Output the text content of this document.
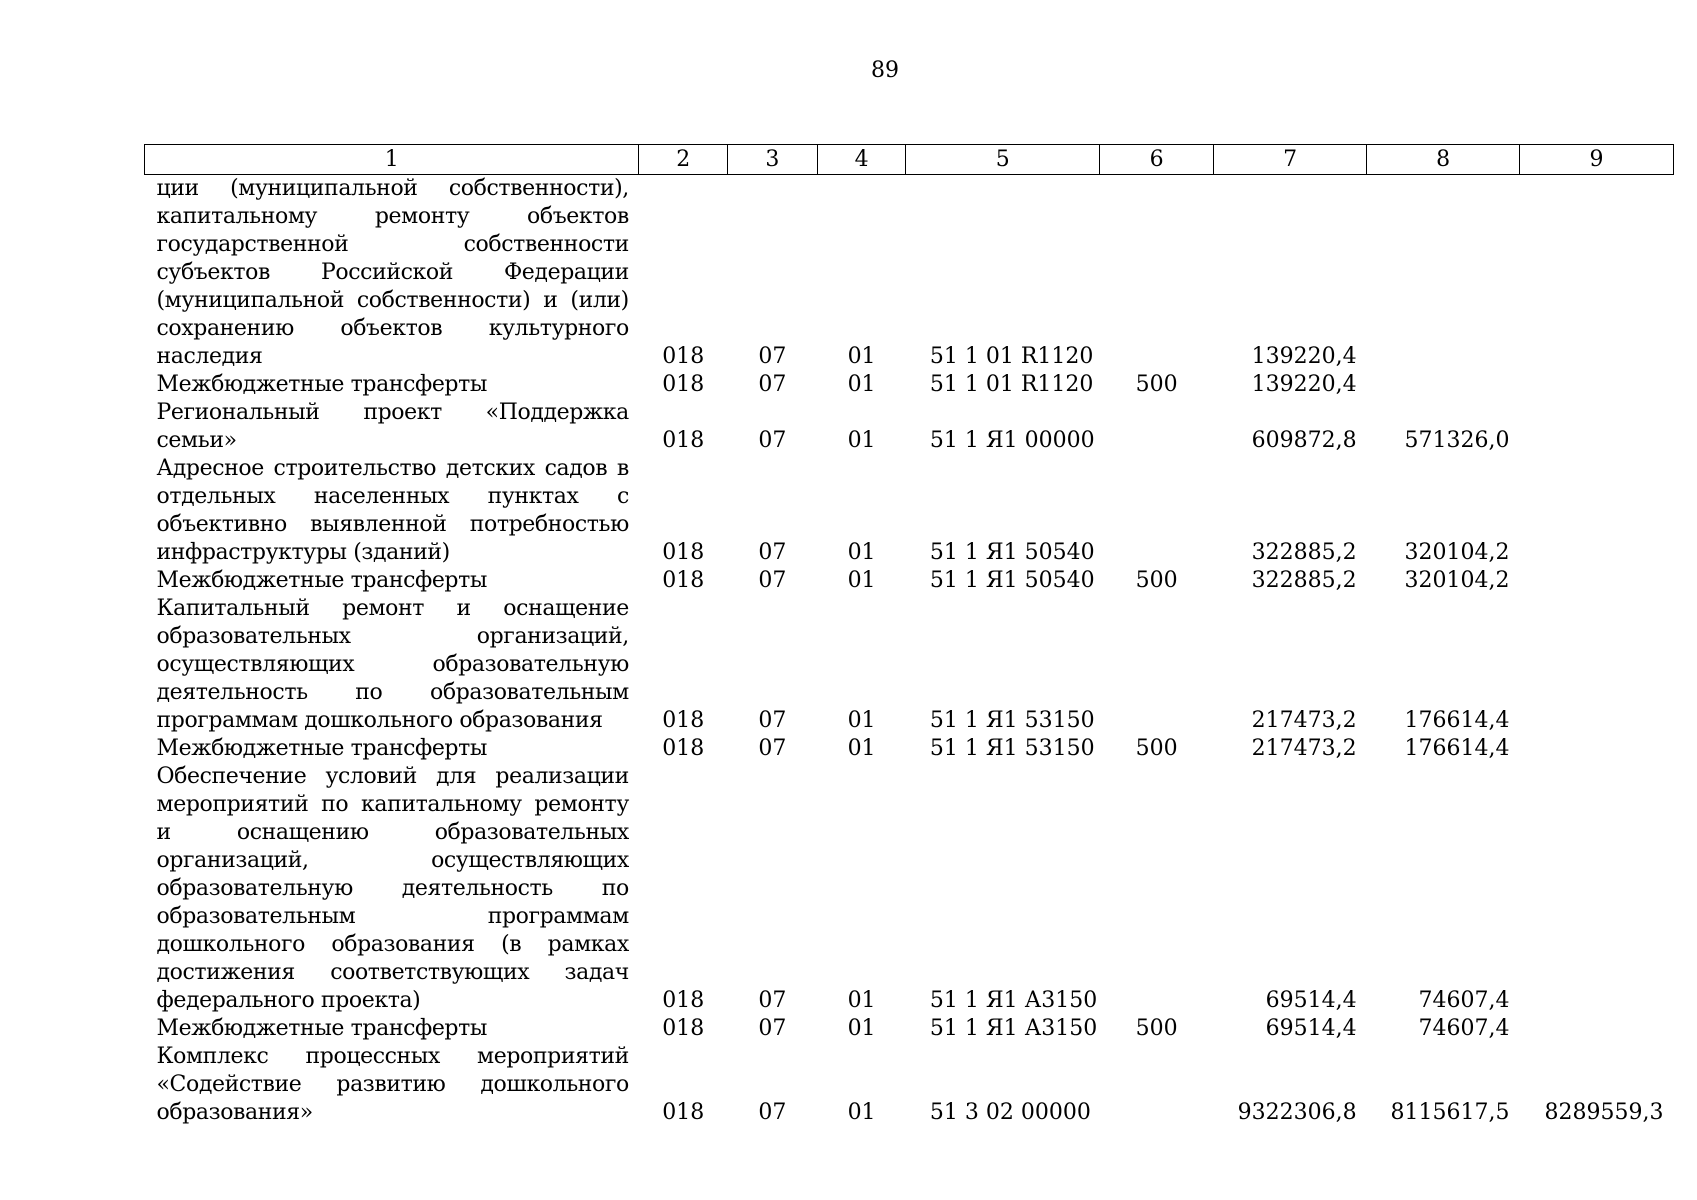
89
1	2	3	4	5	6	7	8	9
ции (муниципальной собственности), капитальному ремонту объектов государственной собственности субъектов Российской Федерации (муниципальной собственности) и (или) сохранению объектов культурного наследия	018	07	01	51 1 01 R1120		139220,4		
Межбюджетные трансферты	018	07	01	51 1 01 R1120	500	139220,4		
Региональный проект «Поддержка семьи»	018	07	01	51 1 Я1 00000		609872,8	571326,0	
Адресное строительство детских садов в отдельных населенных пунктах с объективно выявленной потребностью инфраструктуры (зданий)	018	07	01	51 1 Я1 50540		322885,2	320104,2	
Межбюджетные трансферты	018	07	01	51 1 Я1 50540	500	322885,2	320104,2	
Капитальный ремонт и оснащение образовательных организаций, осуществляющих образовательную деятельность по образовательным программам дошкольного образования	018	07	01	51 1 Я1 53150		217473,2	176614,4	
Межбюджетные трансферты	018	07	01	51 1 Я1 53150	500	217473,2	176614,4	
Обеспечение условий для реализации мероприятий по капитальному ремонту и оснащению образовательных организаций, осуществляющих образовательную деятельность по образовательным программам дошкольного образования (в рамках достижения соответствующих задач федерального проекта)	018	07	01	51 1 Я1 А3150		69514,4	74607,4	
Межбюджетные трансферты	018	07	01	51 1 Я1 А3150	500	69514,4	74607,4	
Комплекс процессных мероприятий «Содействие развитию дошкольного образования»	018	07	01	51 3 02 00000		9322306,8	8115617,5	8289559,3
